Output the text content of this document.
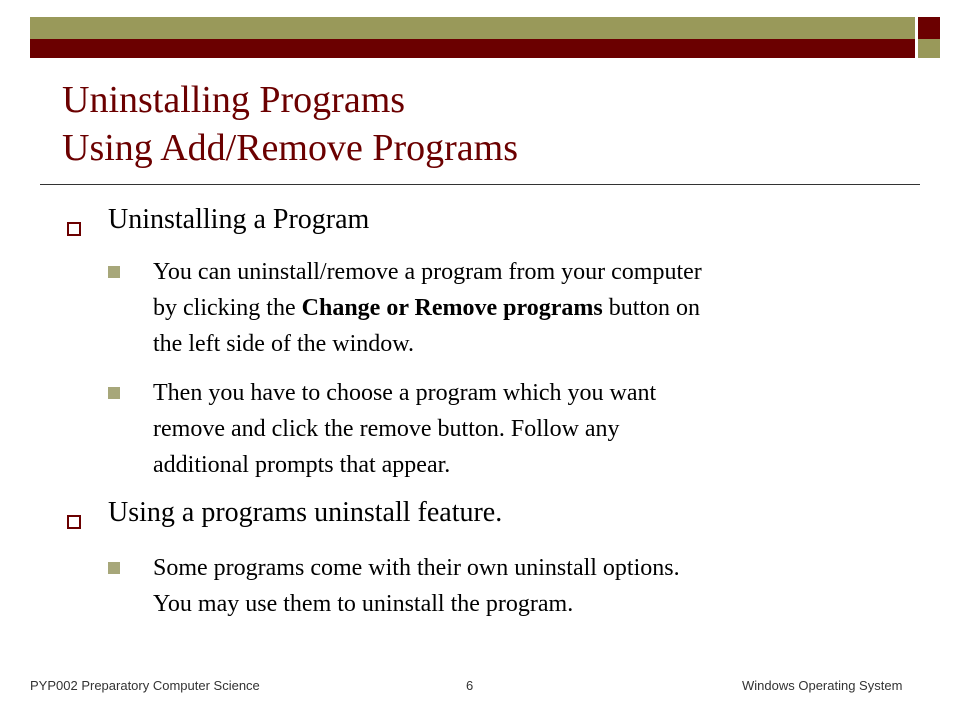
Uninstalling Programs
Using Add/Remove Programs
Uninstalling a Program
You can uninstall/remove a program from your computer
by clicking the Change or Remove programs button on
the left side of the window.
Then you have to choose a program which you want
remove and click the remove button. Follow any
additional prompts that appear.
Using a programs uninstall feature.
Some programs come with their own uninstall options.
You may use them to uninstall the program.
PYP002 Preparatory Computer Science	6	Windows Operating System
